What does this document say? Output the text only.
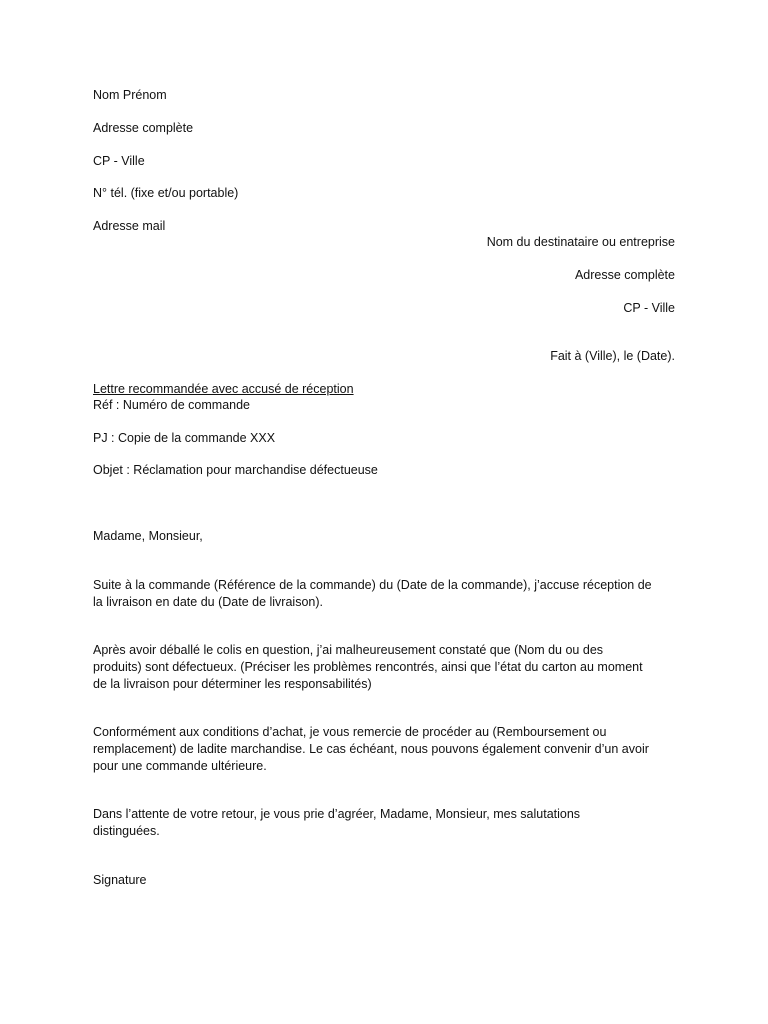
Nom Prénom
Adresse complète
CP - Ville
N° tél. (fixe et/ou portable)
Adresse mail
Nom du destinataire ou entreprise
Adresse complète
CP - Ville
Fait à (Ville), le (Date).
Lettre recommandée avec accusé de réception
Réf : Numéro de commande
PJ : Copie de la commande XXX
Objet : Réclamation pour marchandise défectueuse
Madame, Monsieur,
Suite à la commande (Référence de la commande) du (Date de la commande), j’accuse réception de
la livraison en date du (Date de livraison).
Après avoir déballé le colis en question, j’ai malheureusement constaté que (Nom du ou des
produits) sont défectueux. (Préciser les problèmes rencontrés, ainsi que l’état du carton au moment
de la livraison pour déterminer les responsabilités)
Conformément aux conditions d’achat, je vous remercie de procéder au (Remboursement ou
remplacement) de ladite marchandise. Le cas échéant, nous pouvons également convenir d’un avoir
pour une commande ultérieure.
Dans l’attente de votre retour, je vous prie d’agréer, Madame, Monsieur, mes salutations
distinguées.
Signature
